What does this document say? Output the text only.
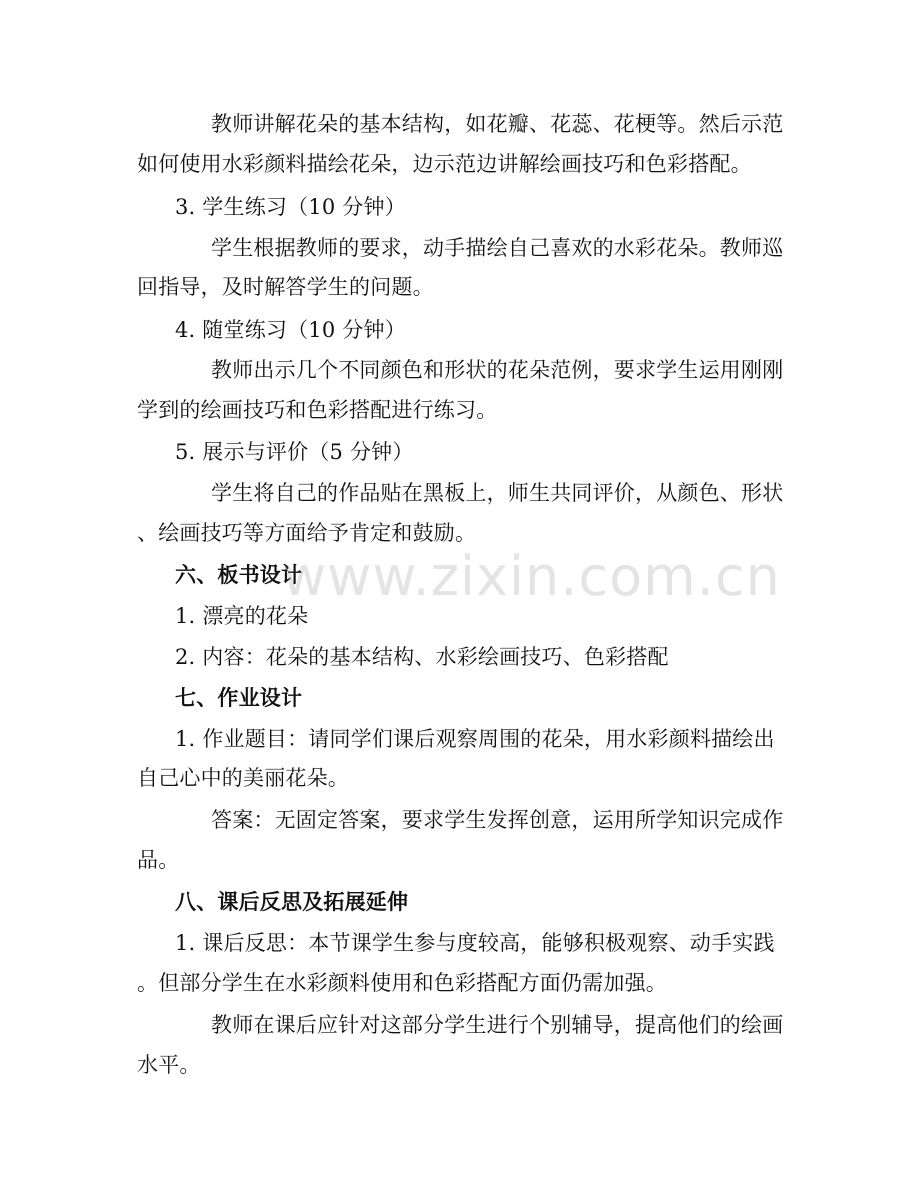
教师讲解花朵的基本结构，如花瓣、花蕊、花梗等。然后示范
如何使用水彩颜料描绘花朵，边示范边讲解绘画技巧和色彩搭配。
3. 学生练习（10 分钟）
学生根据教师的要求，动手描绘自己喜欢的水彩花朵。教师巡
回指导，及时解答学生的问题。
4. 随堂练习（10 分钟）
教师出示几个不同颜色和形状的花朵范例，要求学生运用刚刚
学到的绘画技巧和色彩搭配进行练习。
5. 展示与评价（5 分钟）
学生将自己的作品贴在黑板上，师生共同评价，从颜色、形状
、绘画技巧等方面给予肯定和鼓励。
六、板书设计
1. 漂亮的花朵
2. 内容：花朵的基本结构、水彩绘画技巧、色彩搭配
七、作业设计
1. 作业题目：请同学们课后观察周围的花朵，用水彩颜料描绘出
自己心中的美丽花朵。
答案：无固定答案，要求学生发挥创意，运用所学知识完成作
品。
八、课后反思及拓展延伸
1. 课后反思：本节课学生参与度较高，能够积极观察、动手实践
。但部分学生在水彩颜料使用和色彩搭配方面仍需加强。
教师在课后应针对这部分学生进行个别辅导，提高他们的绘画
水平。
www.zixin.com.cn
